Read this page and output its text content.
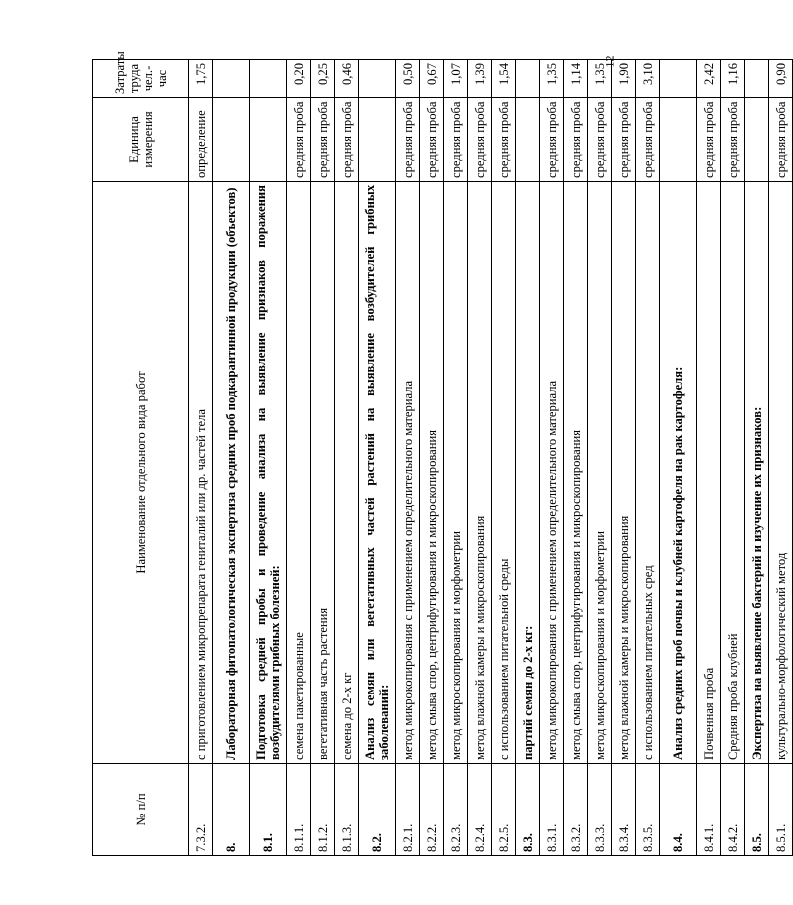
№ п/п	Наименование отдельного вида работ	Единица измерения	Затраты труда чел.- час
7.3.2.	с приготовлением микропрепарата гениталий или др. частей тела	определение	1,75
8.	Лабораторная фитопатологическая экспертиза средних проб подкарантинной продукции (объектов)		
8.1.	Подготовка средней пробы и проведение анализа на выявление признаков поражения возбудителями грибных болезней:		
8.1.1.	семена пакетированные	средняя проба	0,20
8.1.2.	вегетативная часть растения	средняя проба	0,25
8.1.3.	семена до 2-х кг	средняя проба	0,46
8.2.	Анализ семян или вегетативных частей растений на выявление возбудителей грибных заболеваний:		
8.2.1.	метод микрокопирования с применением определительного материала	средняя проба	0,50
8.2.2.	метод смыва спор, центрифугирования и микроскопирования	средняя проба	0,67
8.2.3.	метод микроскопирования и морфометрии	средняя проба	1,07
8.2.4.	метод влажной камеры и микроскопирования	средняя проба	1,39
8.2.5.	с использованием питательной среды	средняя проба	1,54
8.3.	партий семян до 2-х кг:		
8.3.1.	метод микрокопирования с применением определительного материала	средняя проба	1,35
8.3.2.	метод смыва спор, центрифугирования и микроскопирования	средняя проба	1,14
8.3.3.	метод микроскопирования и морфометрии	средняя проба	1,35
8.3.4.	метод влажной камеры и микроскопирования	средняя проба	1,90
8.3.5.	с использованием питательных сред	средняя проба	3,10
8.4.	Анализ средних проб почвы и клубней картофеля на рак картофеля:		
8.4.1.	Почвенная проба	средняя проба	2,42
8.4.2.	Средняя проба клубней	средняя проба	1,16
8.5.	Экспертиза на выявление бактерий и изучение их признаков:		
8.5.1.	культурально-морфологический метод	средняя проба	0,90
12
